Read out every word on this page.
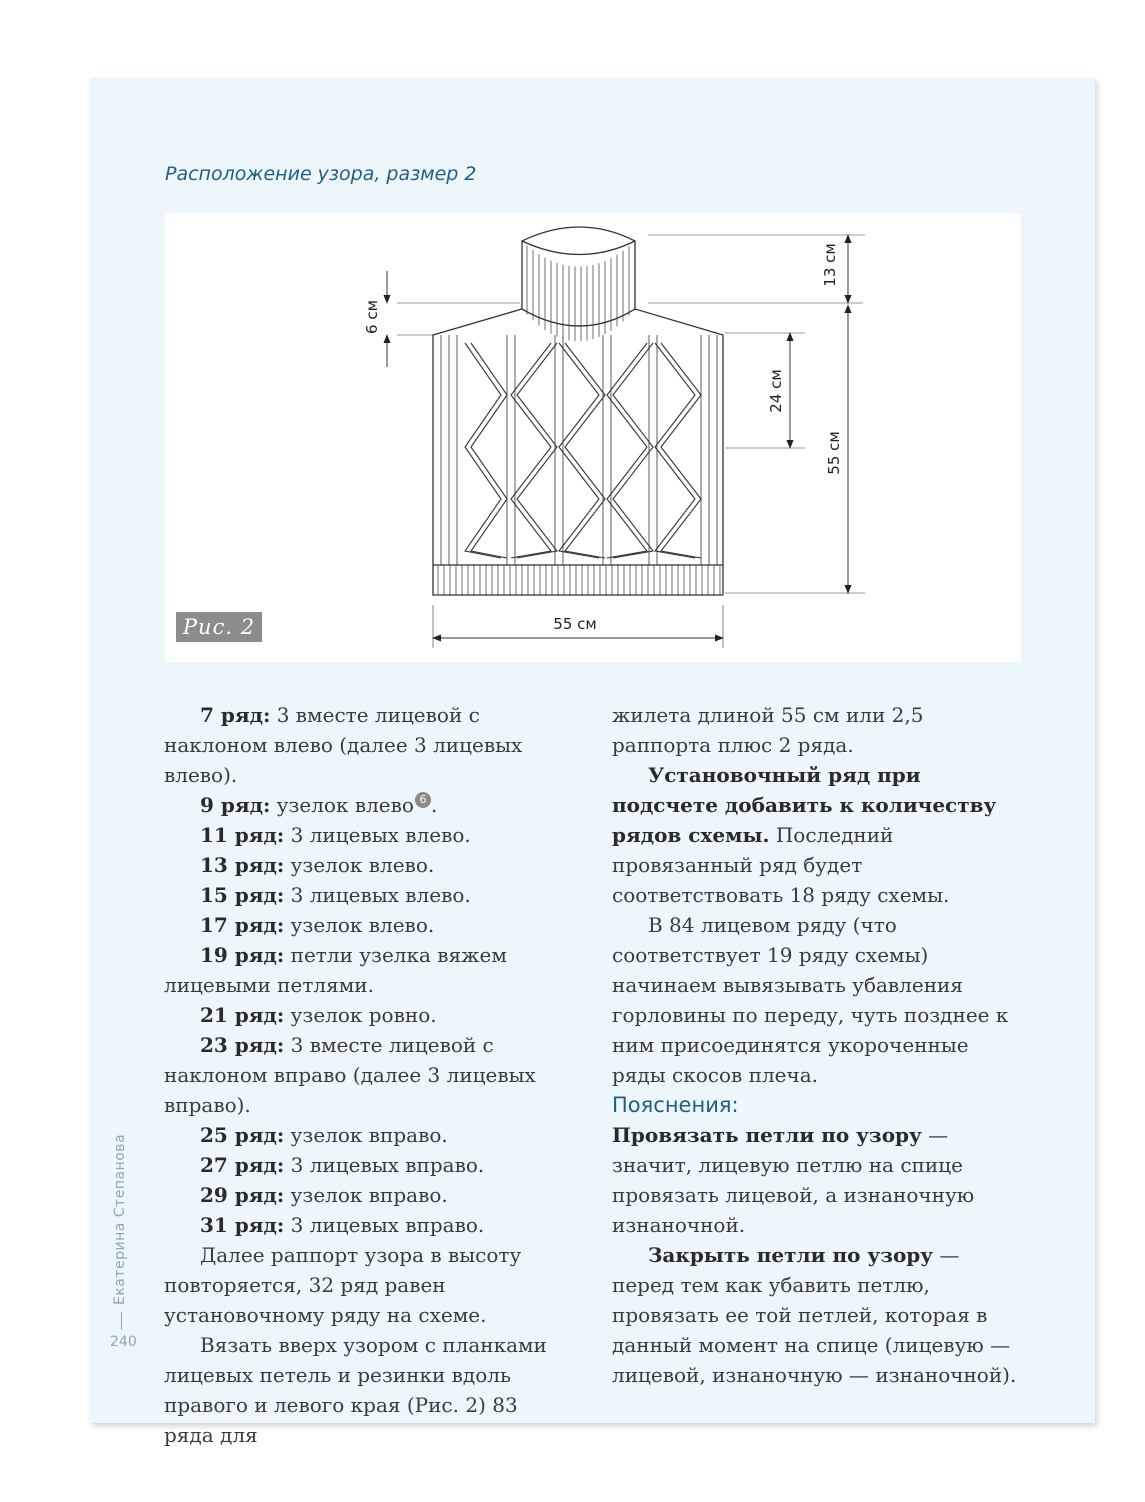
Расположение узора, размер 2
55 см
6 см
13 см
24 см
55 см
Рис. 2

7 ряд: 3 вместе лицевой с наклоном влево (далее 3 лицевых влево).

9 ряд: узелок влево 6 .

11 ряд: 3 лицевых влево.

13 ряд: узелок влево.

15 ряд: 3 лицевых влево.

17 ряд: узелок влево.

19 ряд: петли узелка вяжем лицевыми петлями.

21 ряд: узелок ровно.

23 ряд: 3 вместе лицевой с наклоном вправо (далее 3 лицевых вправо).

25 ряд: узелок вправо.

27 ряд: 3 лицевых вправо.

29 ряд: узелок вправо.

31 ряд: 3 лицевых вправо.

Далее раппорт узора в высоту повторяется, 32 ряд равен установочному ряду на схеме.

Вязать вверх узором с планками лицевых петель и резинки вдоль правого и левого края (Рис. 2) 83 ряда для

жилета длиной 55 см или 2,5 раппорта плюс 2 ряда.

Установочный ряд при подсчете добавить к количеству рядов схемы. Последний провязанный ряд будет соответствовать 18 ряду схемы.

В 84 лицевом ряду (что соответствует 19 ряду схемы) начинаем вывязывать убавления горловины по переду, чуть позднее к ним присоединятся укороченные ряды скосов плеча.

Пояснения:

Провязать петли по узору — значит, лицевую петлю на спице провязать лицевой, а изнаночную изнаночной.

Закрыть петли по узору — перед тем как убавить петлю, провязать ее той петлей, которая в данный момент на спице (лицевую — лицевой, изнаночную — изнаночной).

Екатерина Степанова
240
